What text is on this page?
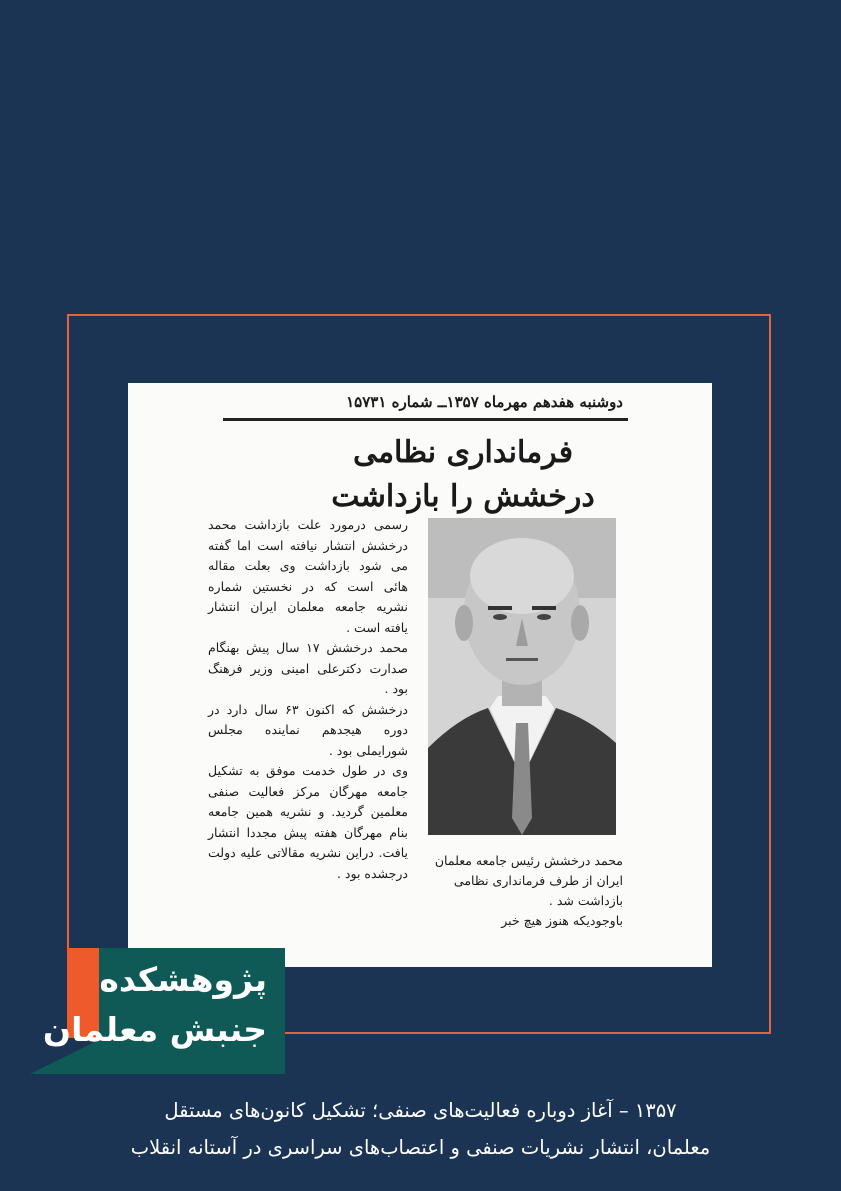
دوشنبه هفدهم مهرماه ۱۳۵۷ــ شماره ۱۵۷۳۱
فرمانداری نظامی درخشش را بازداشت
محمد درخشش رئیس جامعه معلمان ایران از طرف فرمانداری نظامی بازداشت شد .
باوجودیکه هنوز هیچ خبر

رسمی درمورد علت بازداشت محمد درخشش انتشار نیافته است اما گفته می شود بازداشت وی بعلت مقاله هائی است که در نخستین شماره نشریه جامعه معلمان ایران انتشار یافته است .

محمد درخشش ۱۷ سال پیش بهنگام صدارت دکترعلی امینی وزیر فرهنگ بود .

درخشش که اکنون ۶۳ سال دارد در دوره هیجدهم نماینده مجلس شورایملی بود .

وی در طول خدمت موفق به تشکیل جامعه مهرگان مرکز فعالیت صنفی معلمین گردید. و نشریه همین جامعه بنام مهرگان هفته پیش مجددا انتشار یافت. دراین نشریه مقالاتی علیه دولت درجشده بود .

پژوهشکده
جنبش معلمان
۱۳۵۷ – آغاز دوباره فعالیت‌های صنفی؛ تشکیل کانون‌های مستقل
معلمان، انتشار نشریات صنفی و اعتصاب‌های سراسری در آستانه انقلاب
